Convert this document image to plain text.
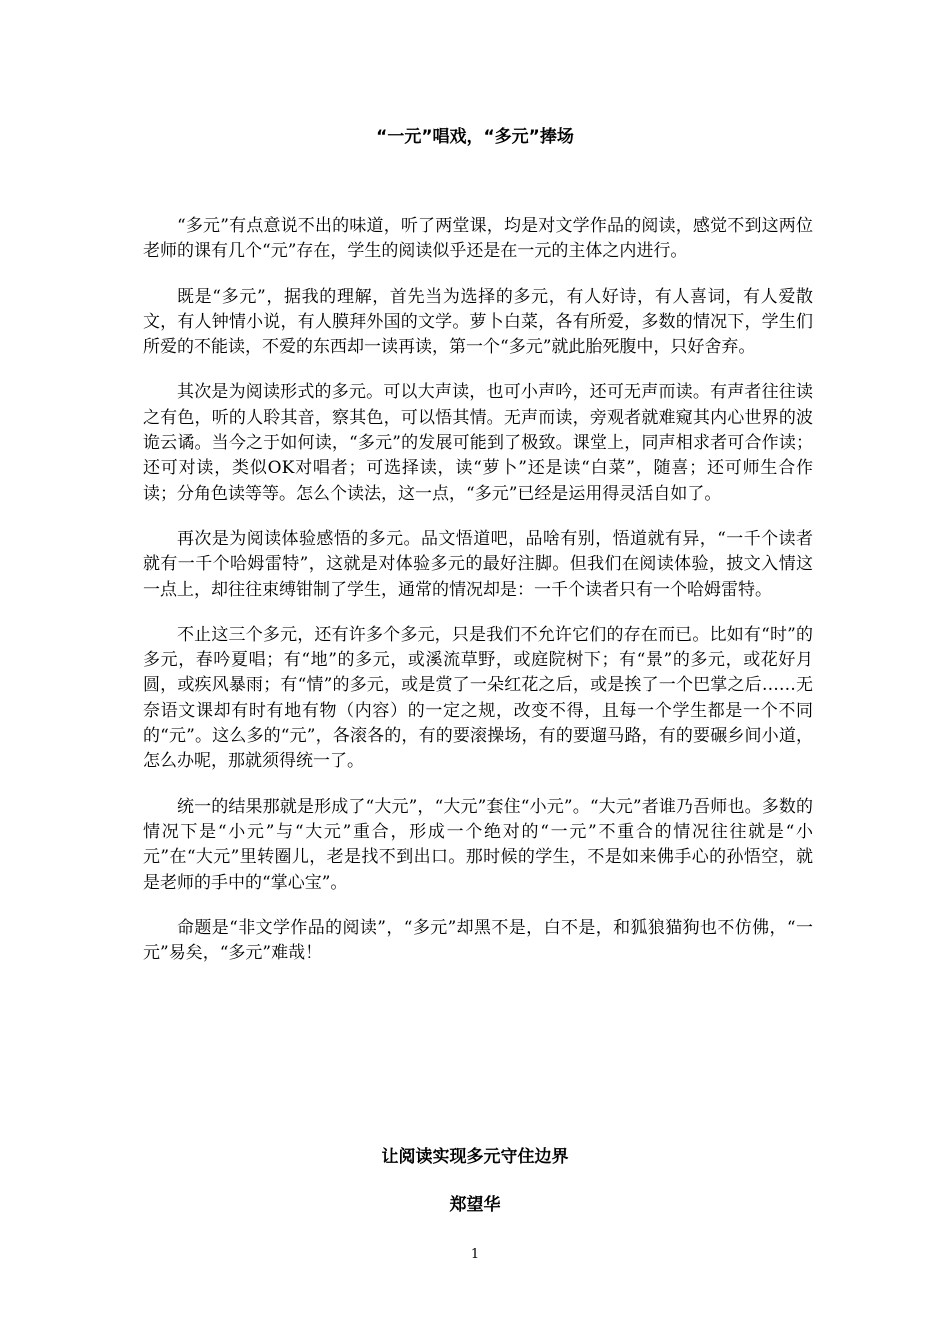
“一元”唱戏，“多元”捧场

“多元”有点意说不出的味道，听了两堂课，均是对文学作品的阅读，感觉不到这两位老师的课有几个“元”存在，学生的阅读似乎还是在一元的主体之内进行。

既是“多元”，据我的理解，首先当为选择的多元，有人好诗，有人喜词，有人爱散文，有人钟情小说，有人膜拜外国的文学。萝卜白菜，各有所爱，多数的情况下，学生们所爱的不能读，不爱的东西却一读再读，第一个“多元”就此胎死腹中，只好舍弃。

其次是为阅读形式的多元。可以大声读，也可小声吟，还可无声而读。有声者往往读之有色，听的人聆其音，察其色，可以悟其情。无声而读，旁观者就难窥其内心世界的波诡云谲。当今之于如何读，“多元”的发展可能到了极致。课堂上，同声相求者可合作读；还可对读，类似OK对唱者；可选择读，读“萝卜”还是读“白菜”，随喜；还可师生合作读；分角色读等等。怎么个读法，这一点，“多元”已经是运用得灵活自如了。

再次是为阅读体验感悟的多元。品文悟道吧，品啥有别，悟道就有异，“一千个读者就有一千个哈姆雷特”，这就是对体验多元的最好注脚。但我们在阅读体验，披文入情这一点上，却往往束缚钳制了学生，通常的情况却是：一千个读者只有一个哈姆雷特。

不止这三个多元，还有许多个多元，只是我们不允许它们的存在而已。比如有“时”的多元，春吟夏唱；有“地”的多元，或溪流草野，或庭院树下；有“景”的多元，或花好月圆，或疾风暴雨；有“情”的多元，或是赏了一朵红花之后，或是挨了一个巴掌之后……无奈语文课却有时有地有物（内容）的一定之规，改变不得，且每一个学生都是一个不同的“元”。这么多的“元”，各滚各的，有的要滚操场，有的要遛马路，有的要碾乡间小道，怎么办呢，那就须得统一了。

统一的结果那就是形成了“大元”，“大元”套住“小元”。“大元”者谁乃吾师也。多数的情况下是“小元”与“大元”重合，形成一个绝对的“一元”不重合的情况往往就是“小元”在“大元”里转圈儿，老是找不到出口。那时候的学生，不是如来佛手心的孙悟空，就是老师的手中的“掌心宝”。

命题是“非文学作品的阅读”，“多元”却黑不是，白不是，和狐狼猫狗也不仿佛，“一元”易矣，“多元”难哉！

让阅读实现多元守住边界
郑望华
1
